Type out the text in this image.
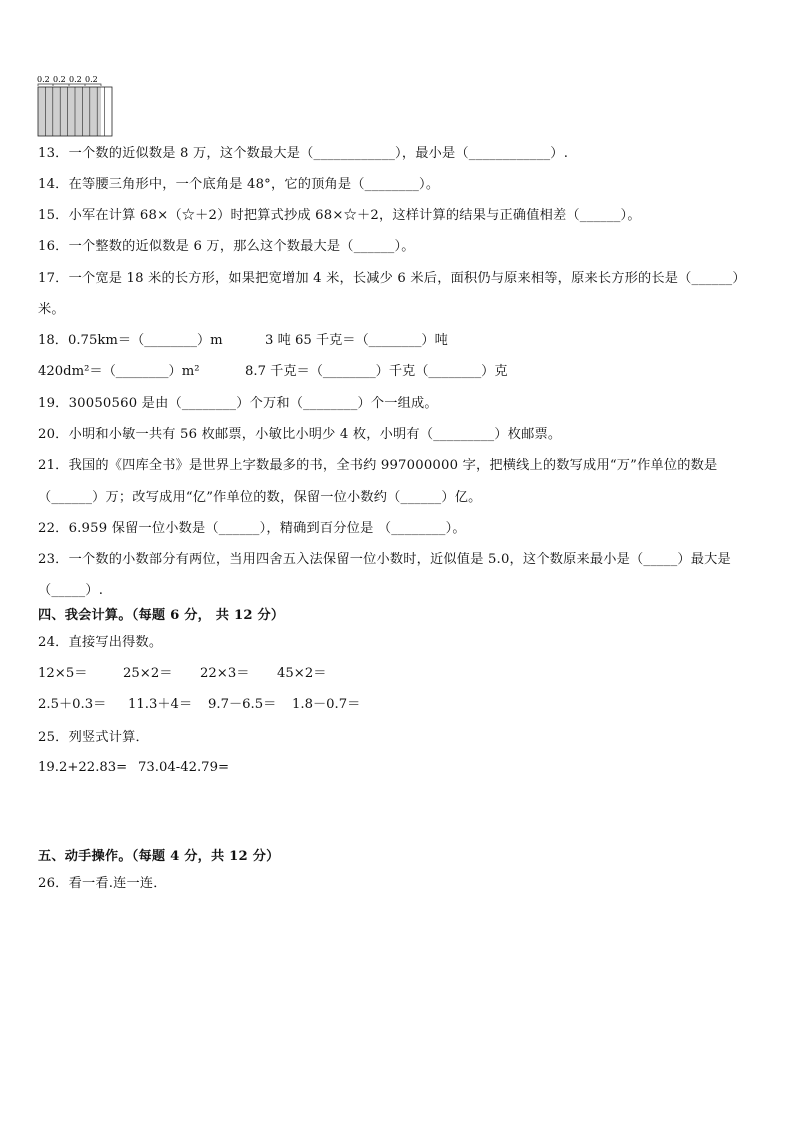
0.2 0.2 0.2 0.2
13．一个数的近似数是 8 万，这个数最大是（____________），最小是（____________）.
14．在等腰三角形中，一个底角是 48°，它的顶角是（________）。
15．小军在计算 68×（☆＋2）时把算式抄成 68×☆＋2，这样计算的结果与正确值相差（______）。
16．一个整数的近似数是 6 万，那么这个数最大是（______）。
17．一个宽是 18 米的长方形，如果把宽增加 4 米，长减少 6 米后，面积仍与原来相等，原来长方形的长是（______）
米。
18．0.75km＝（________）m	3 吨 65 千克＝（________）吨
420dm²＝（________）m²	8.7 千克＝（________）千克（________）克
19．30050560 是由（________）个万和（________）个一组成。
20．小明和小敏一共有 56 枚邮票，小敏比小明少 4 枚，小明有（_________）枚邮票。
21．我国的《四库全书》是世界上字数最多的书，全书约 997000000 字，把横线上的数写成用“万”作单位的数是
（______）万；改写成用“亿”作单位的数，保留一位小数约（______）亿。
22．6.959 保留一位小数是（______），精确到百分位是 （________）。
23．一个数的小数部分有两位，当用四舍五入法保留一位小数时，近似值是 5.0，这个数原来最小是（_____）最大是
（_____）.
四、我会计算。（每题 6 分， 共 12 分）
24．直接写出得数。
12×5＝	25×2＝ 22×3＝ 45×2＝
2.5＋0.3＝ 11.3＋4＝ 9.7－6.5＝ 1.8－0.7＝
25．列竖式计算．
19.2+22.83= 73.04-42.79=
五、动手操作。（每题 4 分，共 12 分）
26．看一看.连一连．
